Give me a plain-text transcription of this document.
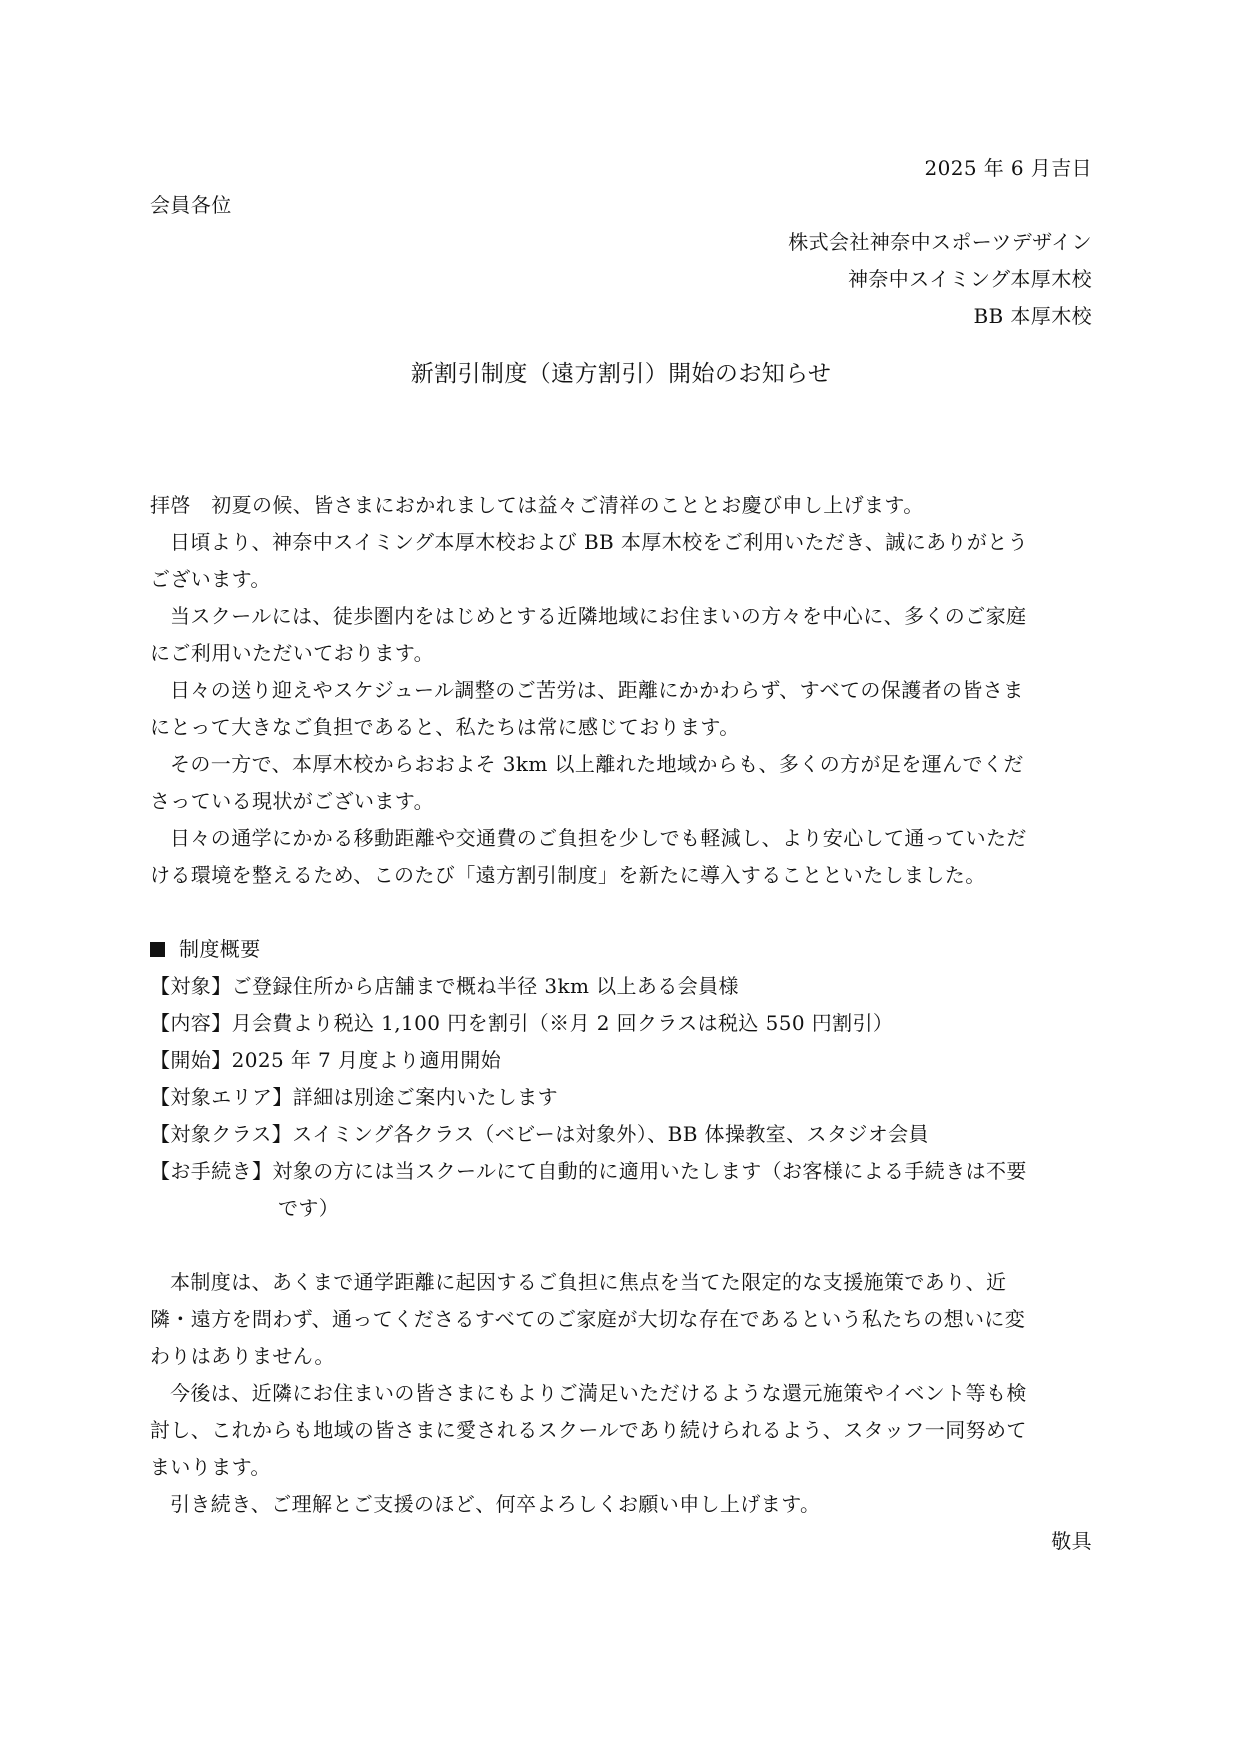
2025 年 6 月吉日
会員各位
株式会社神奈中スポーツデザイン
神奈中スイミング本厚木校
BB 本厚木校
新割引制度（遠方割引）開始のお知らせ
拝啓　初夏の候、皆さまにおかれましては益々ご清祥のこととお慶び申し上げます。
日頃より、神奈中スイミング本厚木校および BB 本厚木校をご利用いただき、誠にありがとう
ございます。
当スクールには、徒歩圏内をはじめとする近隣地域にお住まいの方々を中心に、多くのご家庭
にご利用いただいております。
日々の送り迎えやスケジュール調整のご苦労は、距離にかかわらず、すべての保護者の皆さま
にとって大きなご負担であると、私たちは常に感じております。
その一方で、本厚木校からおおよそ 3km 以上離れた地域からも、多くの方が足を運んでくだ
さっている現状がございます。
日々の通学にかかる移動距離や交通費のご負担を少しでも軽減し、より安心して通っていただ
ける環境を整えるため、このたび「遠方割引制度」を新たに導入することといたしました。
制度概要
【対象】ご登録住所から店舗まで概ね半径 3km 以上ある会員様
【内容】月会費より税込 1,100 円を割引（※月 2 回クラスは税込 550 円割引）
【開始】2025 年 7 月度より適用開始
【対象エリア】詳細は別途ご案内いたします
【対象クラス】スイミング各クラス（ベビーは対象外）、BB 体操教室、スタジオ会員
【お手続き】対象の方には当スクールにて自動的に適用いたします（お客様による手続きは不要
です）
本制度は、あくまで通学距離に起因するご負担に焦点を当てた限定的な支援施策であり、近
隣・遠方を問わず、通ってくださるすべてのご家庭が大切な存在であるという私たちの想いに変
わりはありません。
今後は、近隣にお住まいの皆さまにもよりご満足いただけるような還元施策やイベント等も検
討し、これからも地域の皆さまに愛されるスクールであり続けられるよう、スタッフ一同努めて
まいります。
引き続き、ご理解とご支援のほど、何卒よろしくお願い申し上げます。
敬具
